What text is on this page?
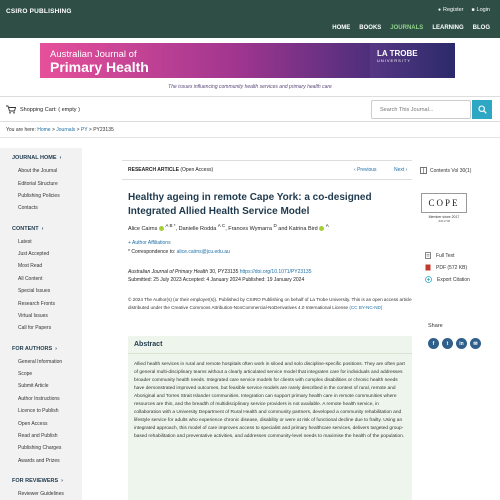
CSIRO PUBLISHING	● Register ■ Login
HOME BOOKS JOURNALS LEARNING BLOG
Australian Journal of
Primary Health
LA TROBE
UNIVERSITY
The issues influencing community health services and primary health care
Shopping Cart: ( empty )
Search This Journal...
You are here: Home > Journals > PY > PY23135
JOURNAL HOME ›
About the Journal
Editorial Structure
Publishing Policies
Contacts
CONTENT ›
Latest
Just Accepted
Most Read
All Content
Special Issues
Research Fronts
Virtual Issues
Call for Papers
FOR AUTHORS ›
General Information
Scope
Submit Article
Author Instructions
Licence to Publish
Open Access
Read and Publish
Publishing Charges
Awards and Prizes
FOR REVIEWERS ›
Reviewer Guidelines
RESEARCH ARTICLE (Open Access)	‹ Previous	Next ›
Healthy ageing in remote Cape York: a co-designed Integrated Allied Health Service Model
Alice Cairns  $^{A B *}$, Danielle Rodda $^{A C}$, Frances Wymarra $^D$ and Katrina Bird  $^A$
+ Author Affiliations
* Correspondence to: alice.cairns@jcu.edu.au
Australian Journal of Primary Health 30, PY23135 https://doi.org/10.1071/PY23135
Submitted: 25 July 2023 Accepted: 4 January 2024 Published: 19 January 2024
© 2024 The Author(s) (or their employer(s)). Published by CSIRO Publishing on behalf of La Trobe University. This is an open access article distributed under the Creative Commons Attribution-NonCommercial-NoDerivatives 4.0 International License (CC BY-NC-ND)
Abstract
Allied health services in rural and remote hospitals often work in siloed and solo discipline-specific positions. They are often part of general multi-disciplinary teams without a clearly articulated service model that integrates care for individuals and addresses broader community health needs. Integrated care service models for clients with complex disabilities or chronic health needs have demonstrated improved outcomes, but feasible service models are rarely described in the context of rural, remote and Aboriginal and Torres Strait Islander communities. Integration can support primary health care in remote communities where resources are thin, and the breadth of multidisciplinary service providers is not available. A remote health service, in collaboration with a University Department of Rural Health and community partners, developed a community rehabilitation and lifestyle service for adults who experience chronic disease, disability or were at risk of functional decline due to frailty. Using an integrated approach, this model of care improves access to specialist and primary healthcare services, delivers targeted group-based rehabilitation and preventative activities, and addresses community-level needs to maximise the health of the population.
Contents Vol 30(1)
COPE
Member since 2017
JM11708
Full Text
PDF (572 KB)
Export Citation
Share
f	t	in	✉
